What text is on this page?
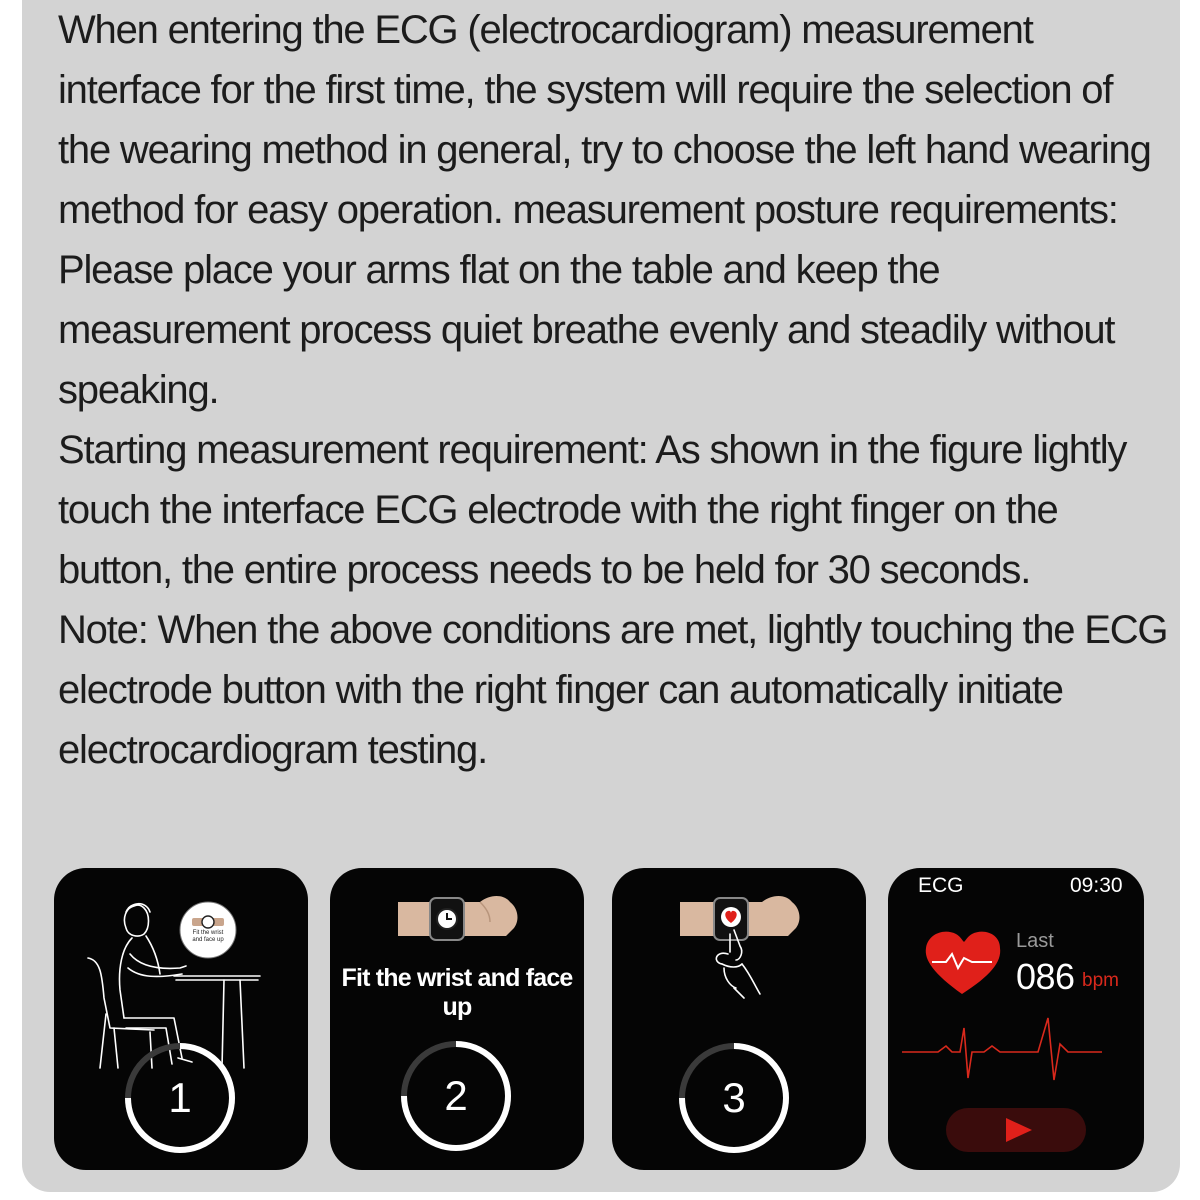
When entering the ECG (electrocardiogram) measurement interface for the first time, the system will require the selection of the wearing method in general, try to choose the left hand wearing method for easy operation. measurement posture requirements: Please place your arms flat on the table and keep the measurement process quiet breathe evenly and steadily without speaking.

Starting measurement requirement: As shown in the figure lightly touch the interface ECG electrode with the right finger on the button, the entire process needs to be held for 30 seconds.

Note: When the above conditions are met, lightly touching the ECG electrode button with the right finger can automatically initiate electrocardiogram testing.

Fit the wrist and face up
1
Fit the wrist and face up
2	3
ECG	09:30
Last
086 bpm
